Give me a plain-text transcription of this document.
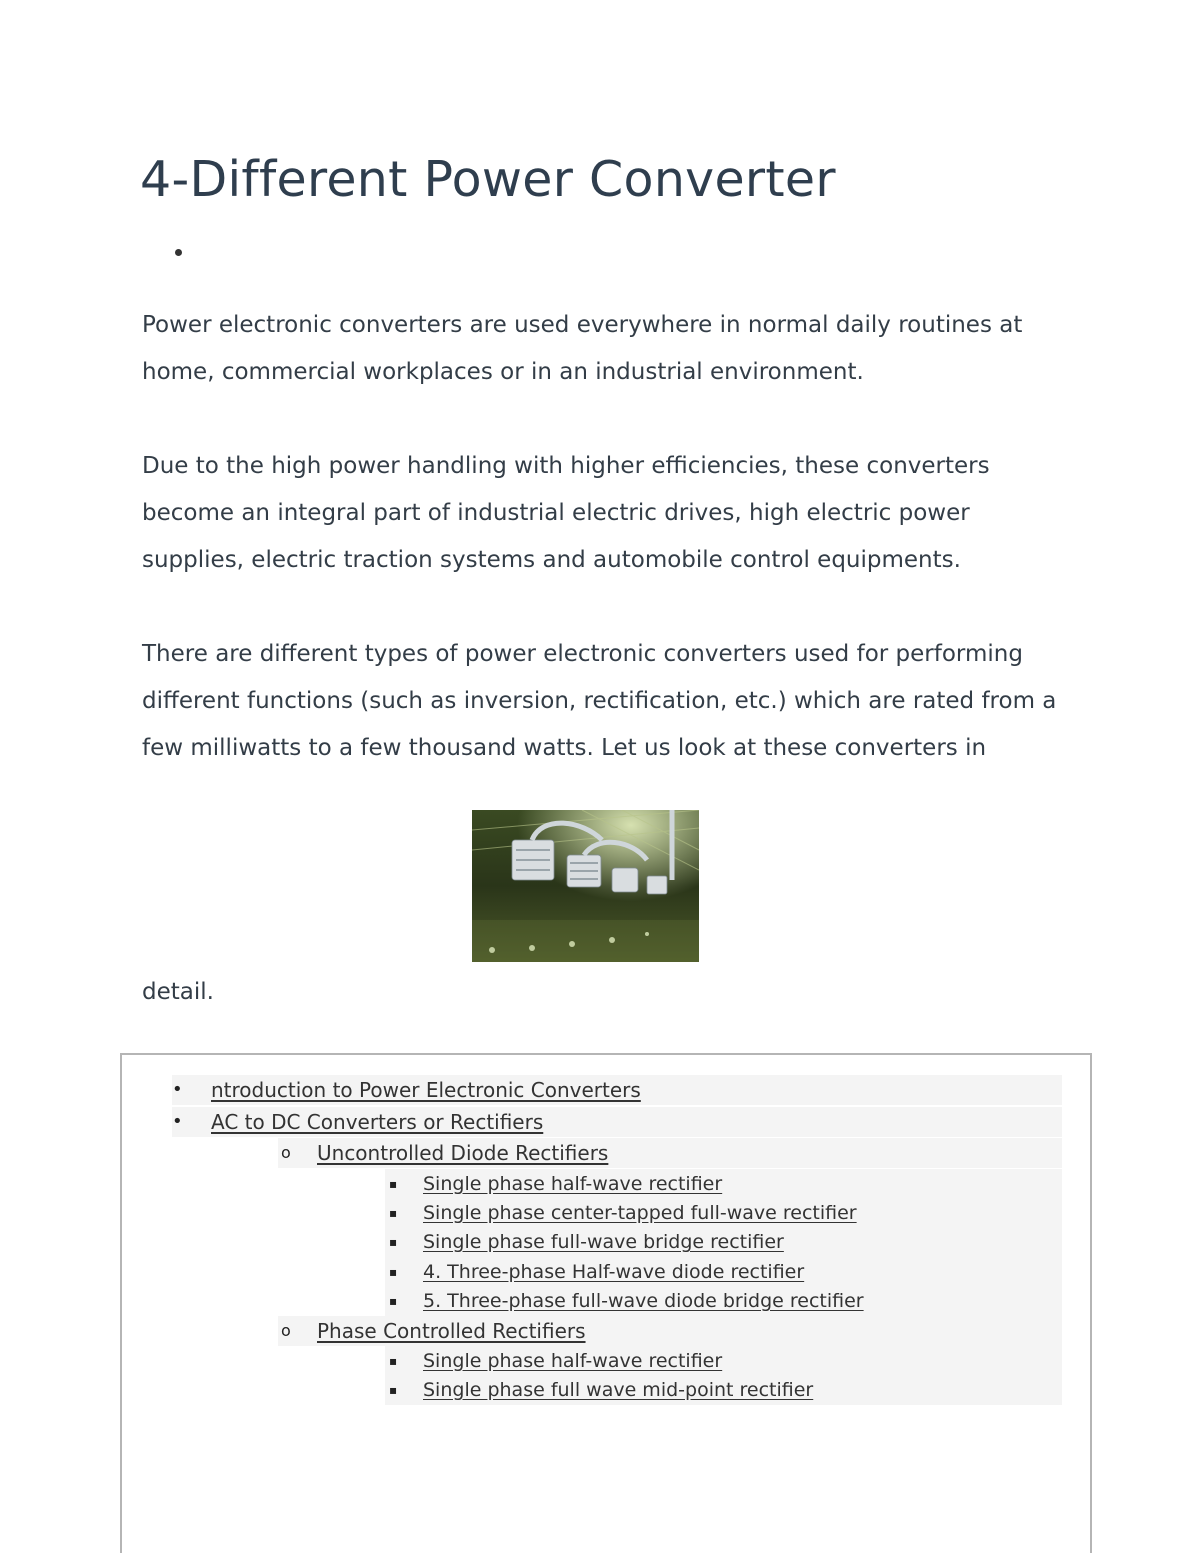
4-Different Power Converter

Power electronic converters are used everywhere in normal daily routines at home, commercial workplaces or in an industrial environment.

Due to the high power handling with higher efficiencies, these converters become an integral part of industrial electric drives, high electric power supplies, electric traction systems and automobile control equipments.

There are different types of power electronic converters used for performing different functions (such as inversion, rectification, etc.) which are rated from a few milliwatts to a few thousand watts. Let us look at these converters in

detail.

• ntroduction to Power Electronic Converters
• AC to DC Converters or Rectifiers
o Uncontrolled Diode Rectifiers
▪ Single phase half-wave rectifier
▪ Single phase center-tapped full-wave rectifier
▪ Single phase full-wave bridge rectifier
▪ 4. Three-phase Half-wave diode rectifier
▪ 5. Three-phase full-wave diode bridge rectifier
o Phase Controlled Rectifiers
▪ Single phase half-wave rectifier
▪ Single phase full wave mid-point rectifier
